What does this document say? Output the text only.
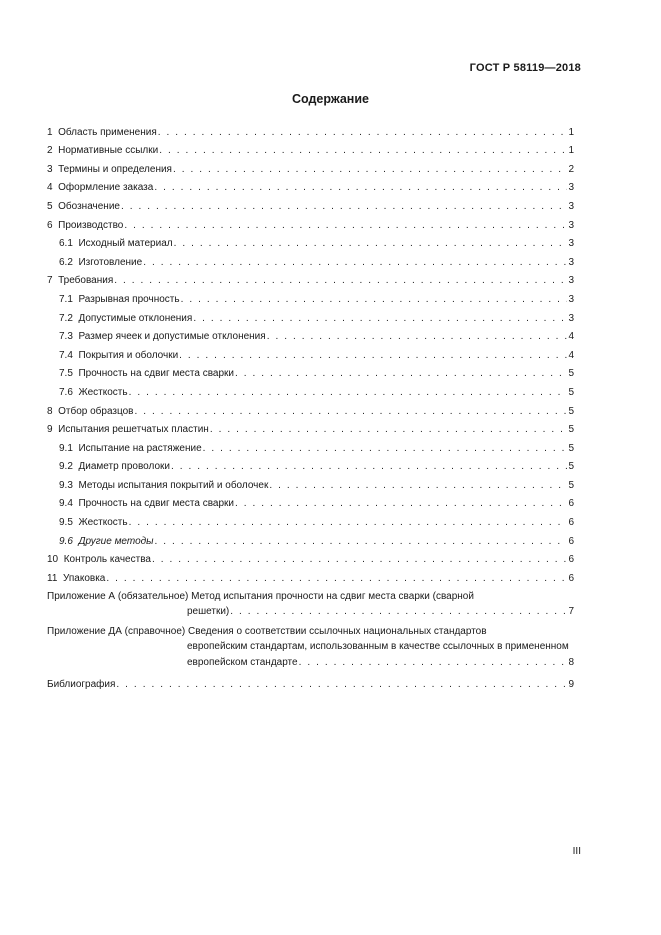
ГОСТ Р 58119—2018
Содержание
1 Область применения . . .	1
2 Нормативные ссылки . . .	1
3 Термины и определения . . .	2
4 Оформление заказа . . .	3
5 Обозначение . . .	3
6 Производство . . .	3
6.1 Исходный материал . . .	3
6.2 Изготовление . . .	3
7 Требования . . .	3
7.1 Разрывная прочность . . .	3
7.2 Допустимые отклонения . . .	3
7.3 Размер ячеек и допустимые отклонения . . .	4
7.4 Покрытия и оболочки . . .	4
7.5 Прочность на сдвиг места сварки . . .	5
7.6 Жесткость . . .	5
8 Отбор образцов . . .	5
9 Испытания решетчатых пластин . . .	5
9.1 Испытание на растяжение . . .	5
9.2 Диаметр проволоки . . .	5
9.3 Методы испытания покрытий и оболочек . . .	5
9.4 Прочность на сдвиг места сварки . . .	6
9.5 Жесткость . . .	6
9.6 Другие методы . . .	6
10 Контроль качества . . .	6
11 Упаковка . . .	6
Приложение А (обязательное) Метод испытания прочности на сдвиг места сварки (сварной
решетки) . . .	7
Приложение ДА (справочное) Сведения о соответствии ссылочных национальных стандартов
европейским стандартам, использованным в качестве ссылочных в примененном
европейском стандарте . . .	8
Библиография . . .	9
III
